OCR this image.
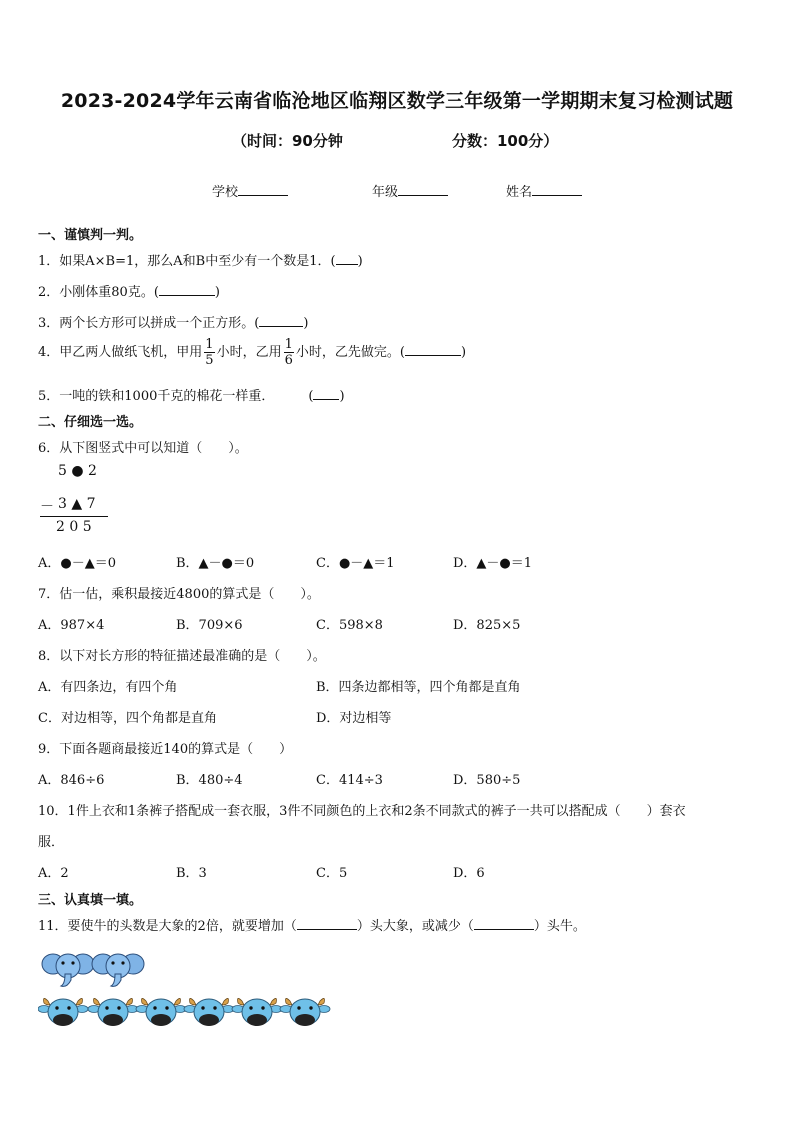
2023-2024学年云南省临沧地区临翔区数学三年级第一学期期末复习检测试题
（时间：90分钟	分数：100分）
学校	年级	姓名
一、谨慎判一判。
1．如果A×B=1，那么A和B中至少有一个数是1．( )
2．小刚体重80克。(	)
3．两个长方形可以拼成一个正方形。(	)
4．甲乙两人做纸飞机，甲用 $\frac{1}{5}$ 小时，乙用 $\frac{1}{6}$ 小时，乙先做完。(	)
5．一吨的铁和1000千克的棉花一样重．	( )
二、仔细选一选。
6．从下图竖式中可以知道（　　）。
5 ● 2
－ 3 ▲ 7
2 0 5
A．●－▲＝0	B．▲－●＝0	C．●－▲＝1	D．▲－●＝1
7．估一估，乘积最接近4800的算式是（　　）。
A．987×4	B．709×6	C．598×8	D．825×5
8．以下对长方形的特征描述最准确的是（　　）。
A．有四条边，有四个角	B．四条边都相等，四个角都是直角
C．对边相等，四个角都是直角	D．对边相等
9．下面各题商最接近140的算式是（　　）
A．846÷6	B．480÷4	C．414÷3	D．580÷5
10．1件上衣和1条裤子搭配成一套衣服，3件不同颜色的上衣和2条不同款式的裤子一共可以搭配成（　　）套衣
服．
A．2	B．3	C．5	D．6
三、认真填一填。
11．要使牛的头数是大象的2倍，就要增加（	）头大象，或减少（	）头牛。
